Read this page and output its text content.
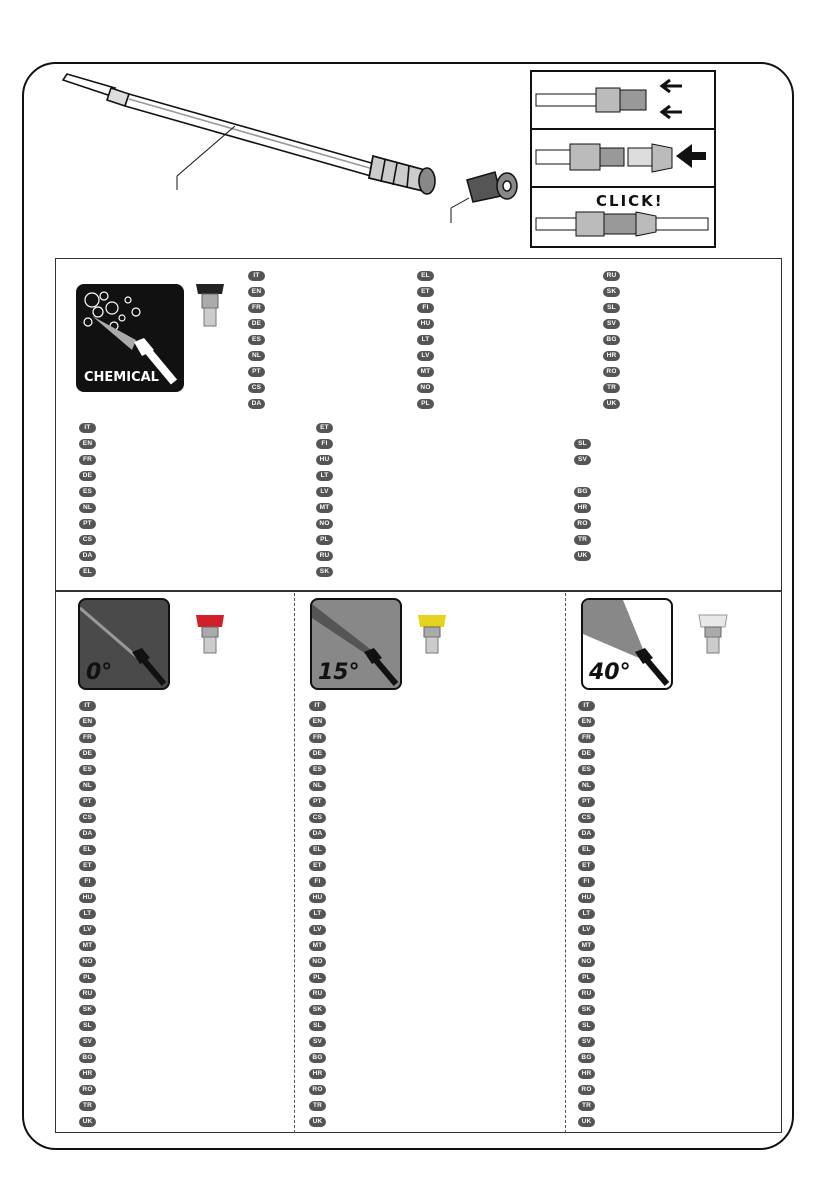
CLICK!
CHEMICAL
IT
EN
FR
DE
ES
NL
PT
CS
DA
EL
ET
FI
HU
LT
LV
MT
NO
PL
RU
SK
SL
SV
BG
HR
RO
TR
UK
IT
EN
FR
DE
ES
NL
PT
CS
DA
EL
ET
FI
HU
LT
LV
MT
NO
PL
RU
SK
SL
SV
BG
HR
RO
TR
UK
0°
IT
EN
FR
DE
ES
NL
PT
CS
DA
EL
ET
FI
HU
LT
LV
MT
NO
PL
RU
SK
SL
SV
BG
HR
RO
TR
UK
15°
IT
EN
FR
DE
ES
NL
PT
CS
DA
EL
ET
FI
HU
LT
LV
MT
NO
PL
RU
SK
SL
SV
BG
HR
RO
TR
UK
40°
IT
EN
FR
DE
ES
NL
PT
CS
DA
EL
ET
FI
HU
LT
LV
MT
NO
PL
RU
SK
SL
SV
BG
HR
RO
TR
UK
